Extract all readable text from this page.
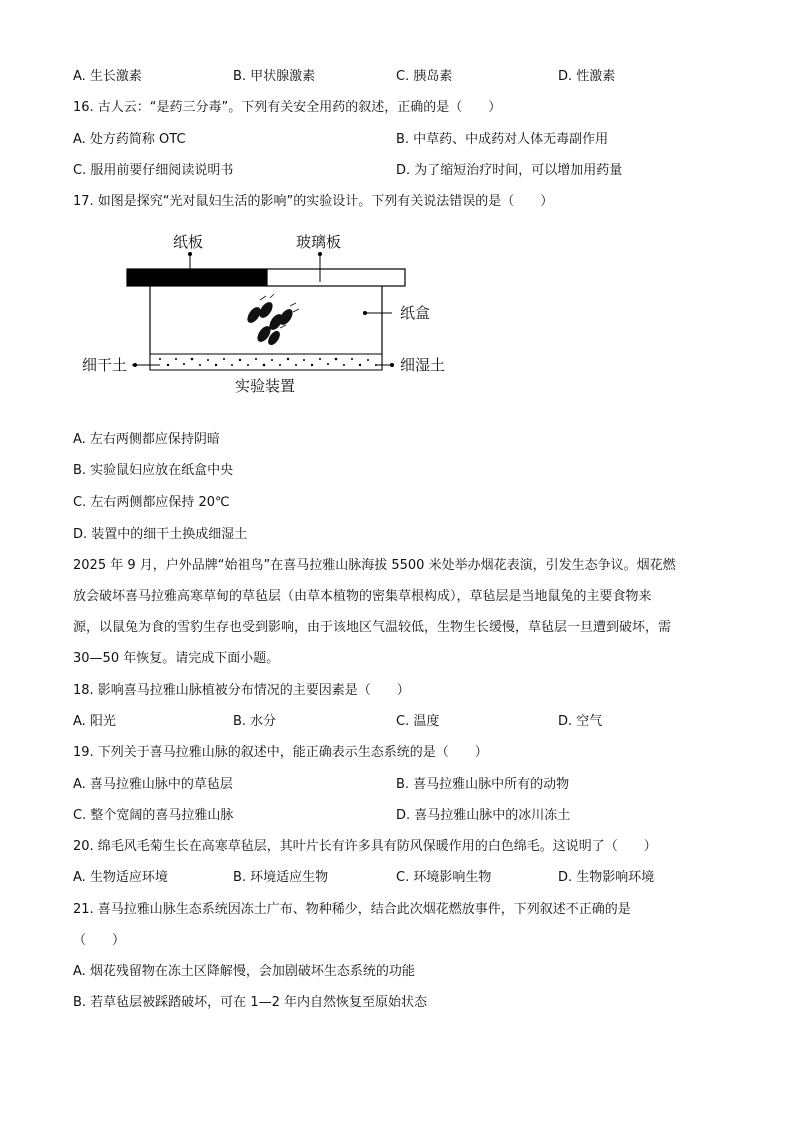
A. 生长激素	B. 甲状腺激素	C. 胰岛素	D. 性激素
16. 古人云：“是药三分毒”。下列有关安全用药的叙述，正确的是（　　）
A. 处方药简称 OTC	B. 中草药、中成药对人体无毒副作用
C. 服用前要仔细阅读说明书	D. 为了缩短治疗时间，可以增加用药量
17. 如图是探究“光对鼠妇生活的影响”的实验设计。下列有关说法错误的是（　　）
纸板	玻璃板
纸盒
细湿土
细干土
实验装置
A. 左右两侧都应保持阴暗
B. 实验鼠妇应放在纸盒中央
C. 左右两侧都应保持 20℃
D. 装置中的细干土换成细湿土
2025 年 9 月，户外品牌“始祖鸟”在喜马拉雅山脉海拔 5500 米处举办烟花表演，引发生态争议。烟花燃
放会破坏喜马拉雅高寒草甸的草毡层（由草本植物的密集草根构成），草毡层是当地鼠兔的主要食物来
源，以鼠兔为食的雪豹生存也受到影响，由于该地区气温较低，生物生长缓慢，草毡层一旦遭到破坏，需
30—50 年恢复。请完成下面小题。
18. 影响喜马拉雅山脉植被分布情况的主要因素是（　　）
A. 阳光	B. 水分	C. 温度	D. 空气
19. 下列关于喜马拉雅山脉的叙述中，能正确表示生态系统的是（　　）
A. 喜马拉雅山脉中的草毡层	B. 喜马拉雅山脉中所有的动物
C. 整个宽阔的喜马拉雅山脉	D. 喜马拉雅山脉中的冰川冻土
20. 绵毛风毛菊生长在高寒草毡层，其叶片长有许多具有防风保暖作用的白色绵毛。这说明了（　　）
A. 生物适应环境	B. 环境适应生物	C. 环境影响生物	D. 生物影响环境
21. 喜马拉雅山脉生态系统因冻土广布、物种稀少，结合此次烟花燃放事件，下列叙述不正确的是
（　　）
A. 烟花残留物在冻土区降解慢，会加剧破坏生态系统的功能
B. 若草毡层被踩踏破坏，可在 1—2 年内自然恢复至原始状态
